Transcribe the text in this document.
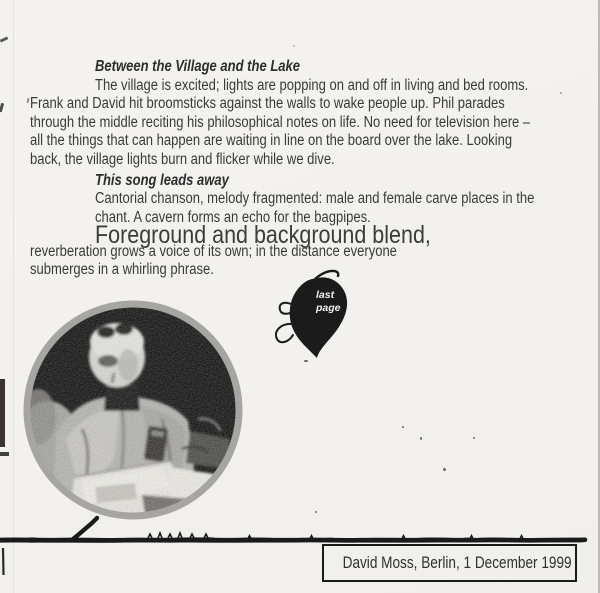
Between the Village and the Lake
The village is excited; lights are popping on and off in living and bed rooms.
Frank and David hit broomsticks against the walls to wake people up. Phil parades
through the middle reciting his philosophical notes on life. No need for television here –
all the things that can happen are waiting in line on the board over the lake. Looking
back, the village lights burn and flicker while we dive.
This song leads away
Cantorial chanson, melody fragmented: male and female carve places in the
chant. A cavern forms an echo for the bagpipes.
Foreground and background blend,
reverberation grows a voice of its own; in the distance everyone
submerges in a whirling phrase.
last
page
David Moss, Berlin, 1 December 1999
